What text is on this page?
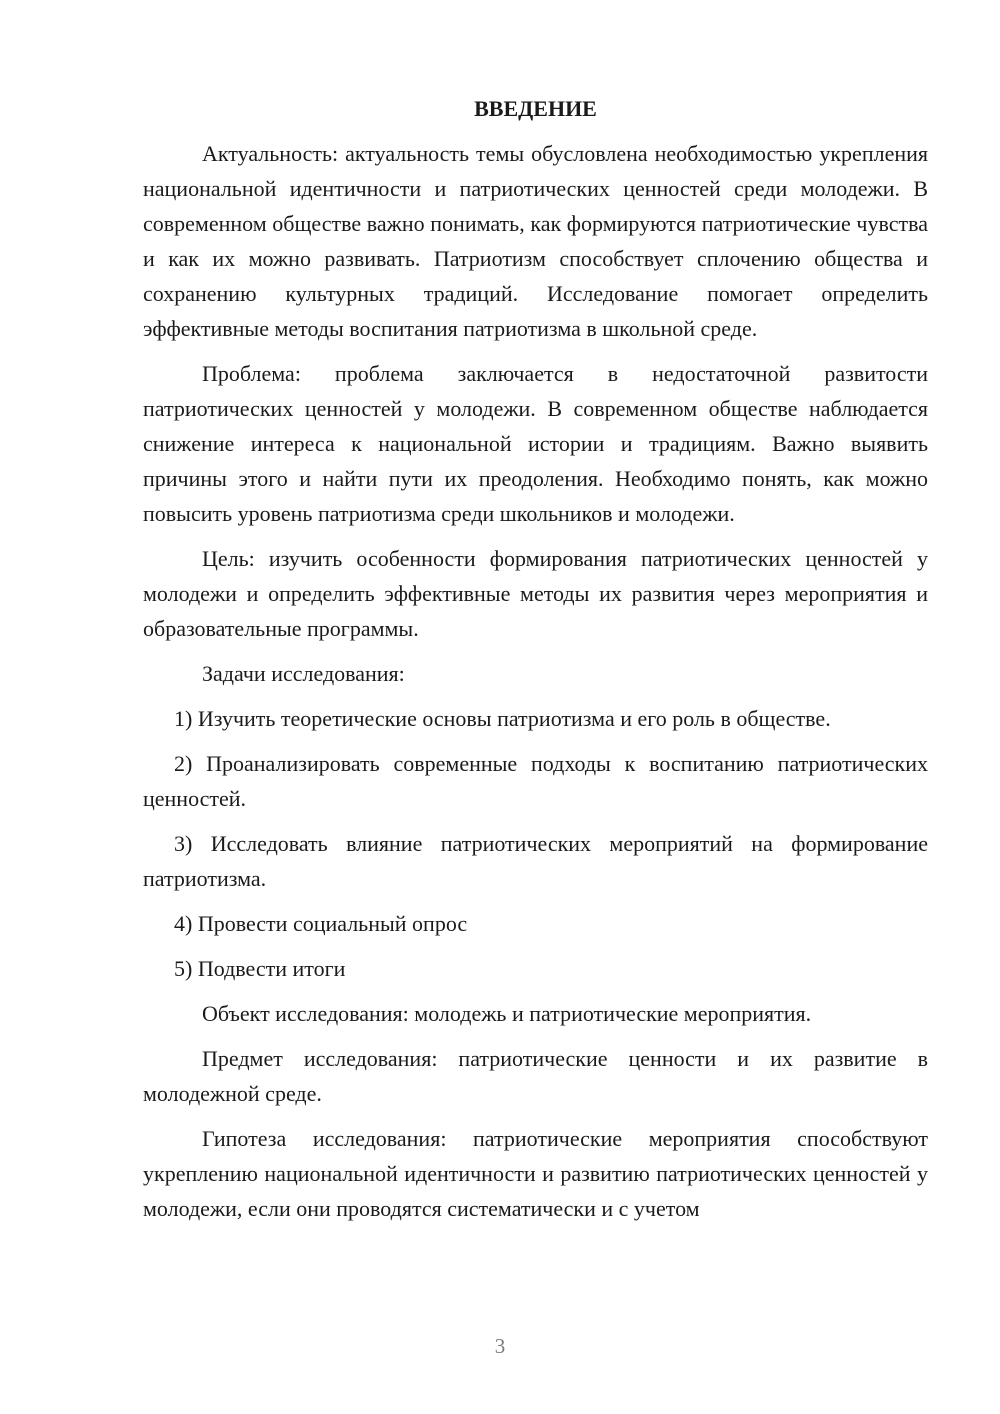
ВВЕДЕНИЕ

Актуальность: актуальность темы обусловлена необходимостью укрепления национальной идентичности и патриотических ценностей среди молодежи. В современном обществе важно понимать, как формируются патриотические чувства и как их можно развивать. Патриотизм способствует сплочению общества и сохранению культурных традиций. Исследование помогает определить эффективные методы воспитания патриотизма в школьной среде.

Проблема: проблема заключается в недостаточной развитости патриотических ценностей у молодежи. В современном обществе наблюдается снижение интереса к национальной истории и традициям. Важно выявить причины этого и найти пути их преодоления. Необходимо понять, как можно повысить уровень патриотизма среди школьников и молодежи.

Цель: изучить особенности формирования патриотических ценностей у молодежи и определить эффективные методы их развития через мероприятия и образовательные программы.

Задачи исследования:

1) Изучить теоретические основы патриотизма и его роль в обществе.

2) Проанализировать современные подходы к воспитанию патриотических ценностей.

3) Исследовать влияние патриотических мероприятий на формирование патриотизма.

4) Провести социальный опрос

5) Подвести итоги

Объект исследования: молодежь и патриотические мероприятия.

Предмет исследования: патриотические ценности и их развитие в молодежной среде.

Гипотеза исследования: патриотические мероприятия способствуют укреплению национальной идентичности и развитию патриотических ценностей у молодежи, если они проводятся систематически и с учетом

3
